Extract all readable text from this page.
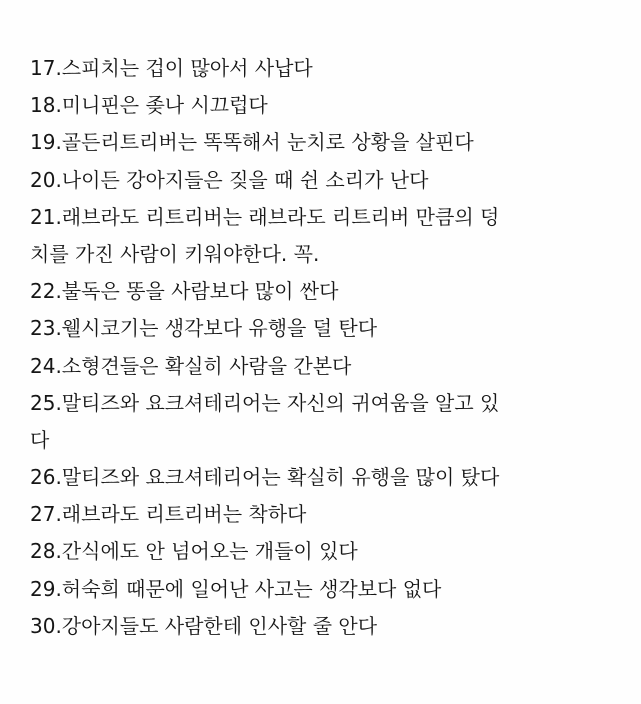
17.스피치는 겁이 많아서 사납다
18.미니핀은 좆나 시끄럽다
19.골든리트리버는 똑똑해서 눈치로 상황을 살핀다
20.나이든 강아지들은 짖을 때 쉰 소리가 난다
21.래브라도 리트리버는 래브라도 리트리버 만큼의 덩
치를 가진 사람이 키워야한다. 꼭.
22.불독은 똥을 사람보다 많이 싼다
23.웰시코기는 생각보다 유행을 덜 탄다
24.소형견들은 확실히 사람을 간본다
25.말티즈와 요크셔테리어는 자신의 귀여움을 알고 있
다
26.말티즈와 요크셔테리어는 확실히 유행을 많이 탔다
27.래브라도 리트리버는 착하다
28.간식에도 안 넘어오는 개들이 있다
29.허숙희 때문에 일어난 사고는 생각보다 없다
30.강아지들도 사람한테 인사할 줄 안다
